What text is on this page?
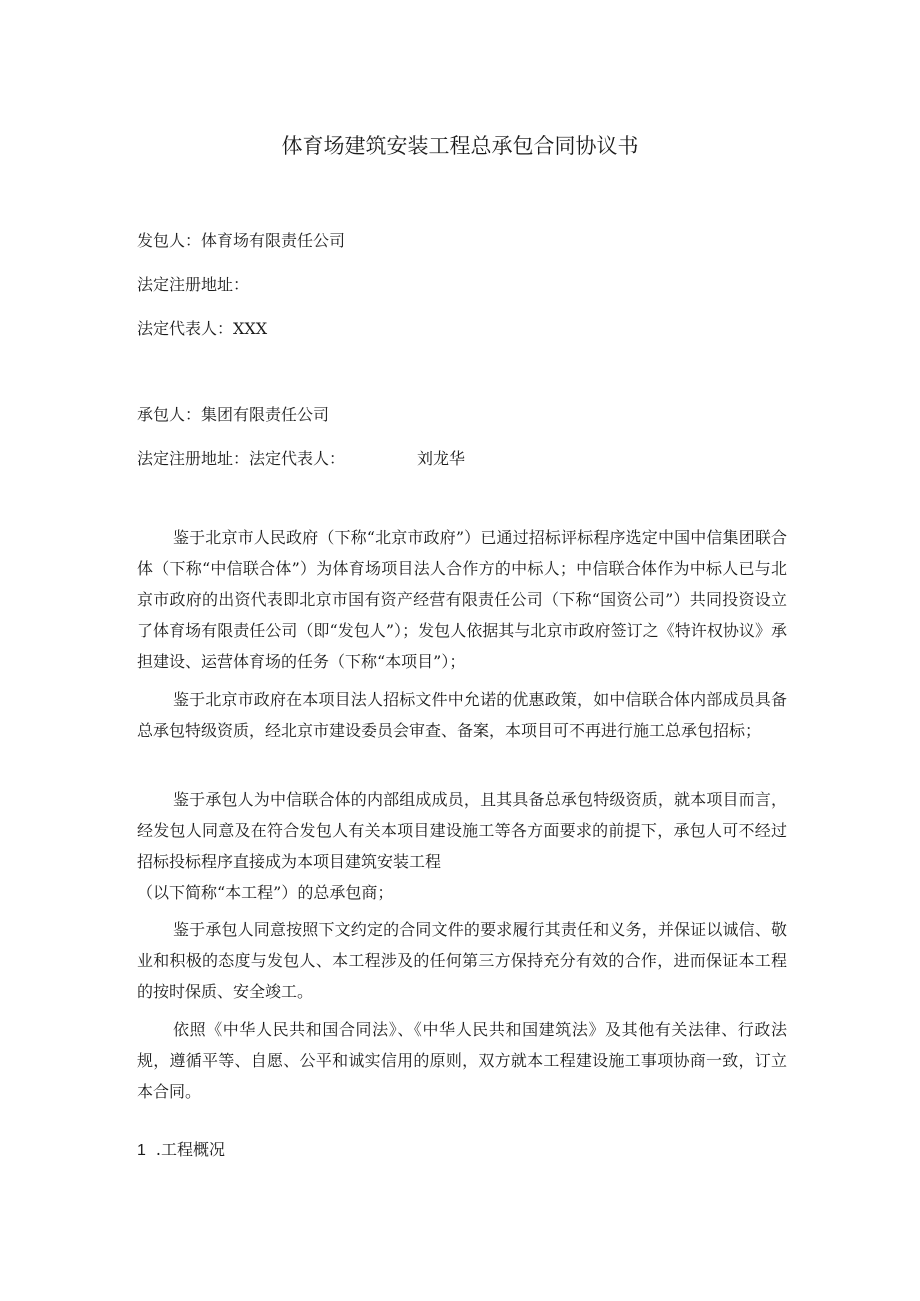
体育场建筑安装工程总承包合同协议书
发包人：体育场有限责任公司
法定注册地址：
法定代表人：XXX
承包人：集团有限责任公司
法定注册地址：法定代表人：	刘龙华
鉴于北京市人民政府（下称“北京市政府”）已通过招标评标程序选定中国中信集团联合体（下称“中信联合体”）为体育场项目法人合作方的中标人；中信联合体作为中标人已与北京市政府的出资代表即北京市国有资产经营有限责任公司（下称“国资公司”）共同投资设立了体育场有限责任公司（即“发包人”）；发包人依据其与北京市政府签订之《特许权协议》承担建设、运营体育场的任务（下称“本项目”）；
鉴于北京市政府在本项目法人招标文件中允诺的优惠政策，如中信联合体内部成员具备总承包特级资质，经北京市建设委员会审查、备案，本项目可不再进行施工总承包招标；
鉴于承包人为中信联合体的内部组成成员，且其具备总承包特级资质，就本项目而言，经发包人同意及在符合发包人有关本项目建设施工等各方面要求的前提下，承包人可不经过招标投标程序直接成为本项目建筑安装工程
（以下简称“本工程”）的总承包商；
鉴于承包人同意按照下文约定的合同文件的要求履行其责任和义务，并保证以诚信、敬业和积极的态度与发包人、本工程涉及的任何第三方保持充分有效的合作，进而保证本工程的按时保质、安全竣工。
依照《中华人民共和国合同法》、《中华人民共和国建筑法》及其他有关法律、行政法规，遵循平等、自愿、公平和诚实信用的原则，双方就本工程建设施工事项协商一致，订立本合同。
1 .工程概况
